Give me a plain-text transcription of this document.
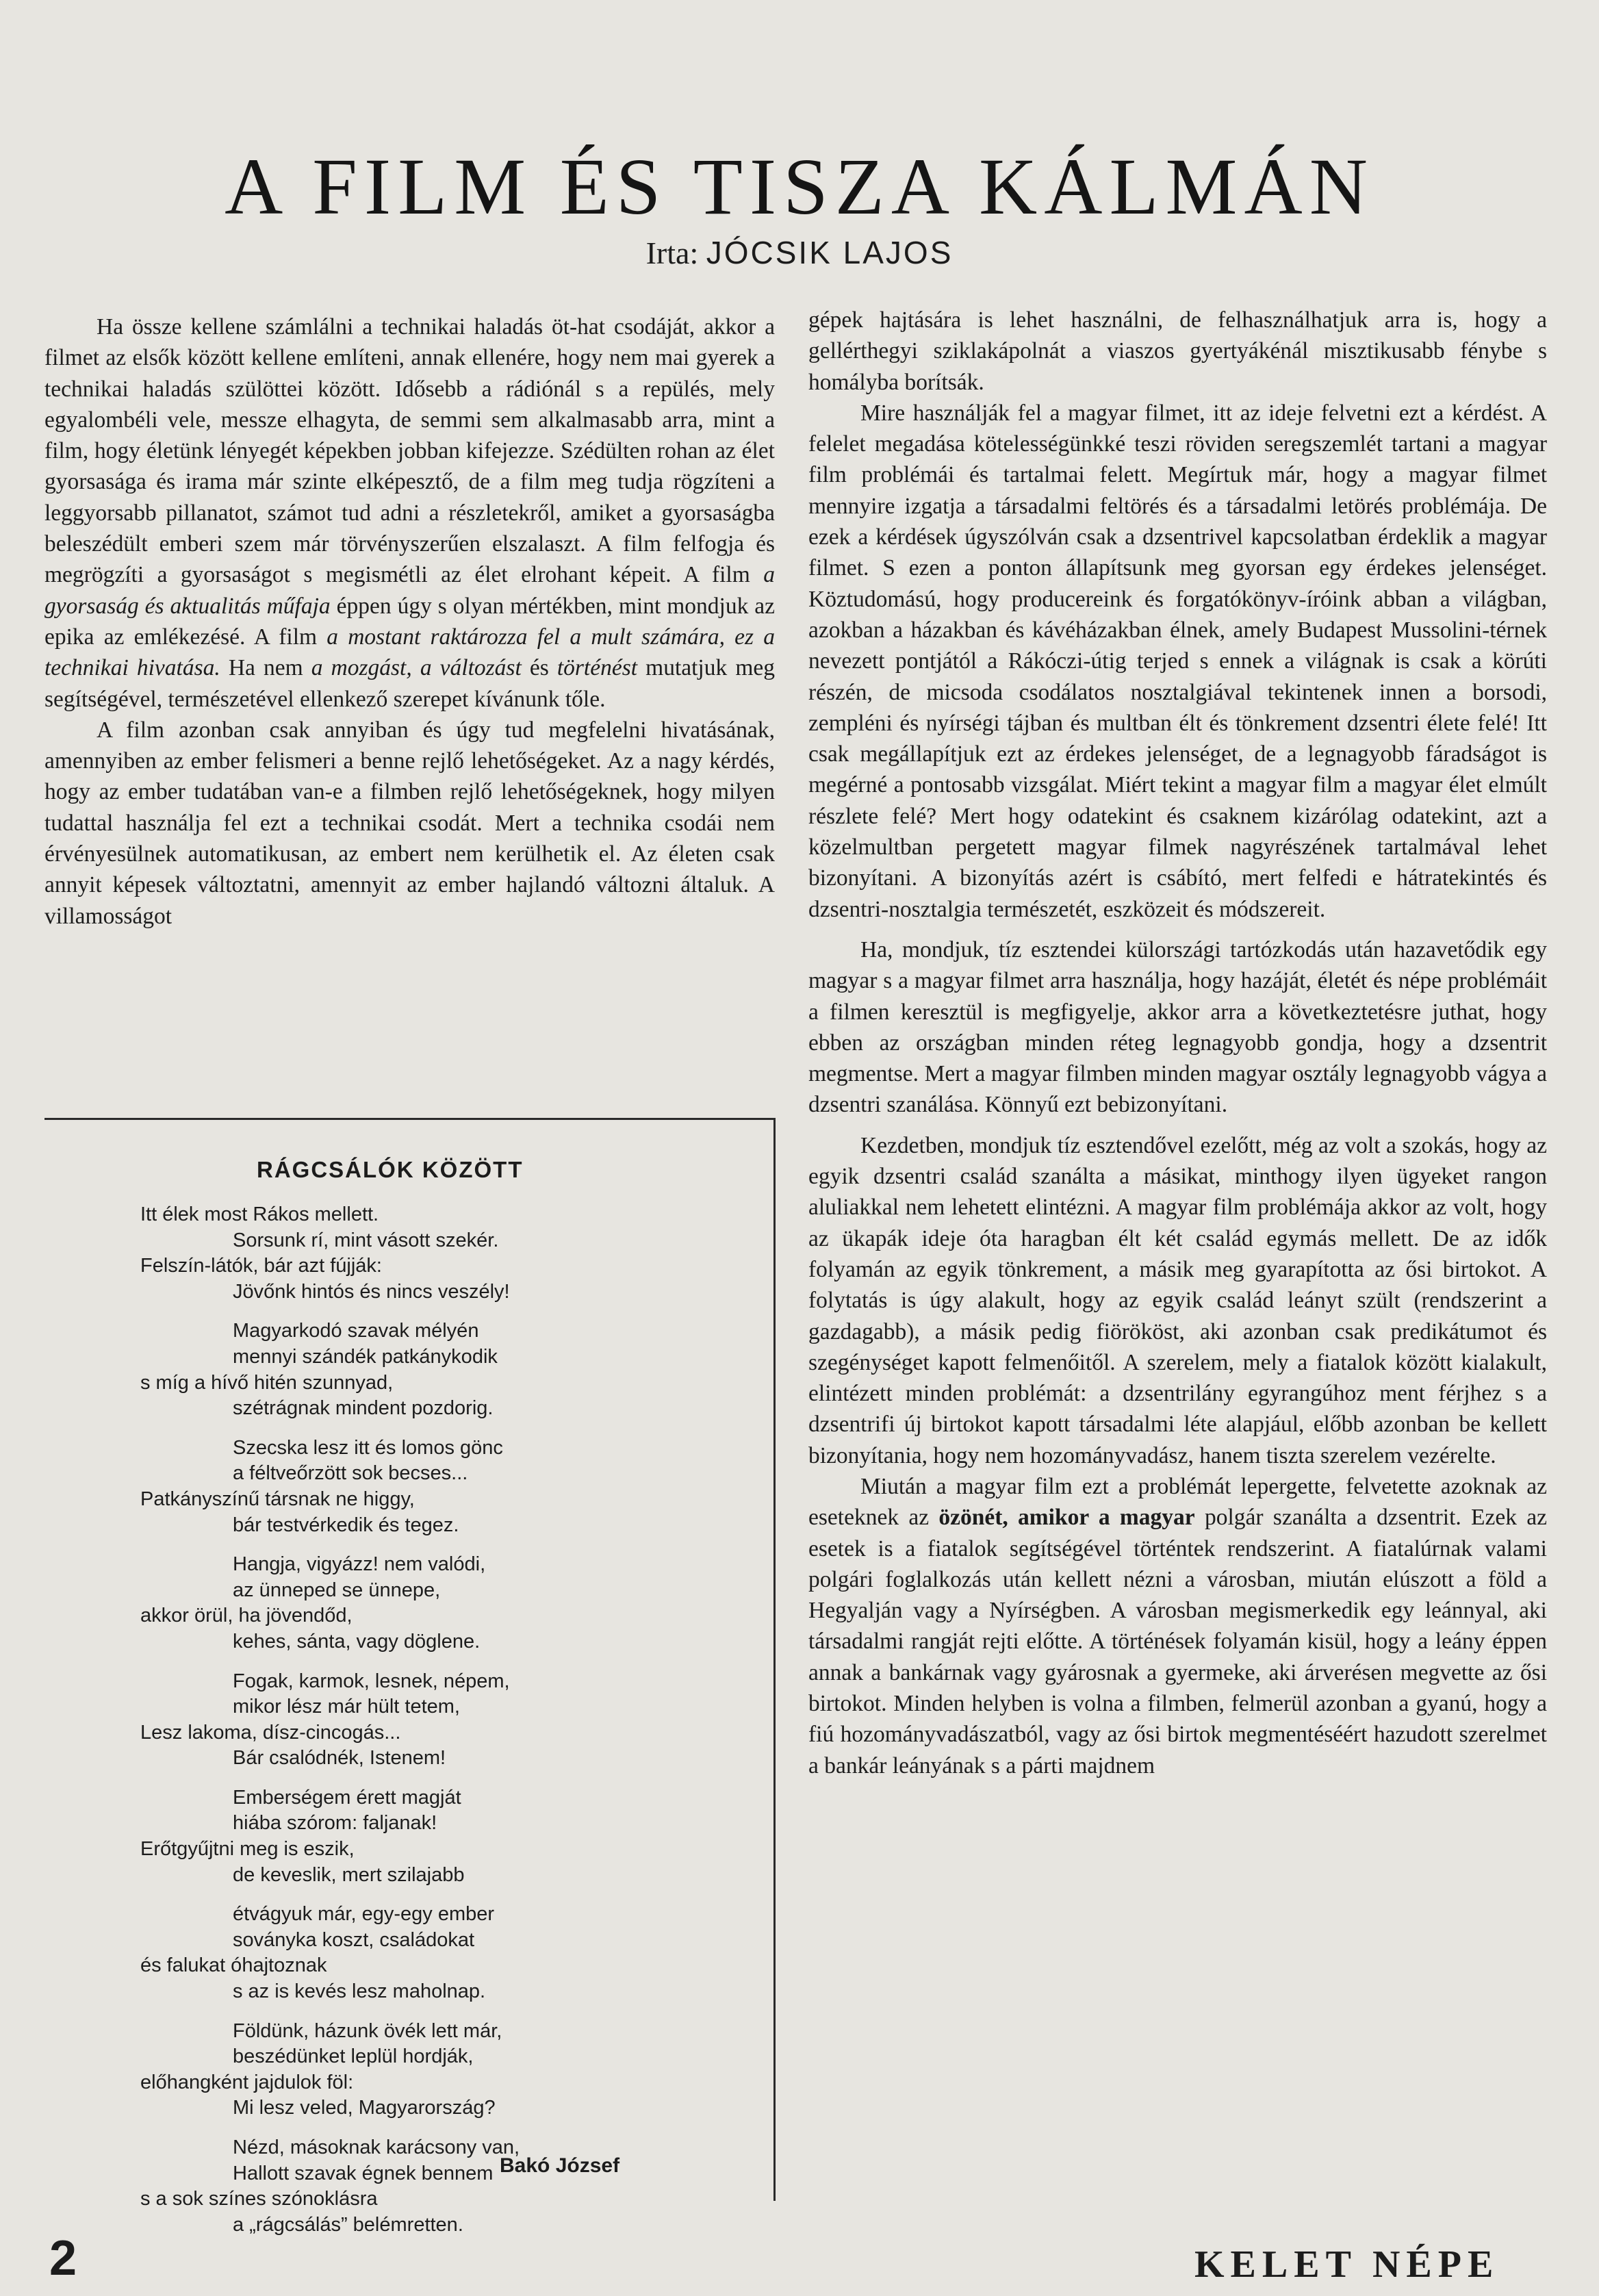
A FILM ÉS TISZA KÁLMÁN
Irta: JÓCSIK LAJOS

Ha össze kellene számlálni a technikai haladás öt-hat csodáját, akkor a filmet az elsők között kellene említeni, annak ellenére, hogy nem mai gyerek a technikai haladás szülöttei között. Idősebb a rádiónál s a repülés, mely egyalombéli vele, messze elhagyta, de semmi sem alkalmasabb arra, mint a film, hogy életünk lényegét képekben jobban kifejezze. Szédülten rohan az élet gyorsasága és irama már szinte elképesztő, de a film meg tudja rögzíteni a leggyorsabb pillanatot, számot tud adni a részletekről, amiket a gyorsaságba beleszédült emberi szem már törvényszerűen elszalaszt. A film felfogja és megrögzíti a gyorsaságot s megismétli az élet elrohant képeit. A film a gyorsaság és aktualitás műfaja éppen úgy s olyan mértékben, mint mondjuk az epika az emlékezésé. A film a mostant raktározza fel a mult számára, ez a technikai hivatása. Ha nem a mozgást, a változást és történést mutatjuk meg segítségével, természetével ellenkező szerepet kívánunk tőle.

A film azonban csak annyiban és úgy tud megfelelni hivatásának, amennyiben az ember felismeri a benne rejlő lehetőségeket. Az a nagy kérdés, hogy az ember tudatában van-e a filmben rejlő lehetőségeknek, hogy milyen tudattal használja fel ezt a technikai csodát. Mert a technika csodái nem érvényesülnek automatikusan, az embert nem kerülhetik el. Az életen csak annyit képesek változtatni, amennyit az ember hajlandó változni általuk. A villamosságot

RÁGCSÁLÓK KÖZÖTT
Itt élek most Rákos mellett.
Sorsunk rí, mint vásott szekér.
Felszín-látók, bár azt fújják:
Jövőnk hintós és nincs veszély!
Magyarkodó szavak mélyén
mennyi szándék patkánykodik
s míg a hívő hitén szunnyad,
szétrágnak mindent pozdorig.
Szecska lesz itt és lomos gönc
a féltveőrzött sok becses...
Patkányszínű társnak ne higgy,
bár testvérkedik és tegez.
Hangja, vigyázz! nem valódi,
az ünneped se ünnepe,
akkor örül, ha jövendőd,
kehes, sánta, vagy döglene.
Fogak, karmok, lesnek, népem,
mikor lész már hült tetem,
Lesz lakoma, dísz-cincogás...
Bár csalódnék, Istenem!
Emberségem érett magját
hiába szórom: faljanak!
Erőtgyűjtni meg is eszik,
de keveslik, mert szilajabb
étvágyuk már, egy-egy ember
soványka koszt, családokat
és falukat óhajtoznak
s az is kevés lesz maholnap.
Földünk, házunk övék lett már,
beszédünket leplül hordják,
előhangként jajdulok föl:
Mi lesz veled, Magyarország?
Nézd, másoknak karácsony van,
Hallott szavak égnek bennem
s a sok színes szónoklásra
a „rágcsálás” belémretten.
Bakó József

gépek hajtására is lehet használni, de felhasználhatjuk arra is, hogy a gellérthegyi sziklakápolnát a viaszos gyertyákénál misztikusabb fénybe s homályba borítsák.

Mire használják fel a magyar filmet, itt az ideje felvetni ezt a kérdést. A felelet megadása kötelességünkké teszi röviden seregszemlét tartani a magyar film problémái és tartalmai felett. Megírtuk már, hogy a magyar filmet mennyire izgatja a társadalmi feltörés és a társadalmi letörés problémája. De ezek a kérdések úgyszólván csak a dzsentrivel kapcsolatban érdeklik a magyar filmet. S ezen a ponton állapítsunk meg gyorsan egy érdekes jelenséget. Köztudomású, hogy producereink és forgatókönyv-íróink abban a világban, azokban a házakban és kávéházakban élnek, amely Budapest Mussolini-térnek nevezett pontjától a Rákóczi-útig terjed s ennek a világnak is csak a körúti részén, de micsoda csodálatos nosztalgiával tekintenek innen a borsodi, zempléni és nyírségi tájban és multban élt és tönkrement dzsentri élete felé! Itt csak megállapítjuk ezt az érdekes jelenséget, de a legnagyobb fáradságot is megérné a pontosabb vizsgálat. Miért tekint a magyar film a magyar élet elmúlt részlete felé? Mert hogy odatekint és csaknem kizárólag odatekint, azt a közelmultban pergetett magyar filmek nagyrészének tartalmával lehet bizonyítani. A bizonyítás azért is csábító, mert felfedi e hátratekintés és dzsentri-nosztalgia természetét, eszközeit és módszereit.

Ha, mondjuk, tíz esztendei külországi tartózkodás után hazavetődik egy magyar s a magyar filmet arra használja, hogy hazáját, életét és népe problémáit a filmen keresztül is megfigyelje, akkor arra a következtetésre juthat, hogy ebben az országban minden réteg legnagyobb gondja, hogy a dzsentrit megmentse. Mert a magyar filmben minden magyar osztály legnagyobb vágya a dzsentri szanálása. Könnyű ezt bebizonyítani.

Kezdetben, mondjuk tíz esztendővel ezelőtt, még az volt a szokás, hogy az egyik dzsentri család szanálta a másikat, minthogy ilyen ügyeket rangon aluliakkal nem lehetett elintézni. A magyar film problémája akkor az volt, hogy az ükapák ideje óta haragban élt két család egymás mellett. De az idők folyamán az egyik tönkrement, a másik meg gyarapította az ősi birtokot. A folytatás is úgy alakult, hogy az egyik család leányt szült (rendszerint a gazdagabb), a másik pedig fiörököst, aki azonban csak predikátumot és szegénységet kapott felmenőitől. A szerelem, mely a fiatalok között kialakult, elintézett minden problémát: a dzsentrilány egyrangúhoz ment férjhez s a dzsentrifi új birtokot kapott társadalmi léte alapjául, előbb azonban be kellett bizonyítania, hogy nem hozományvadász, hanem tiszta szerelem vezérelte.

Miután a magyar film ezt a problémát lepergette, felvetette azoknak az eseteknek az özönét, amikor a magyar polgár szanálta a dzsentrit. Ezek az esetek is a fiatalok segítségével történtek rendszerint. A fiatalúrnak valami polgári foglalkozás után kellett nézni a városban, miután elúszott a föld a Hegyalján vagy a Nyírségben. A városban megismerkedik egy leánnyal, aki társadalmi rangját rejti előtte. A történések folyamán kisül, hogy a leány éppen annak a bankárnak vagy gyárosnak a gyermeke, aki árverésen megvette az ősi birtokot. Minden helyben is volna a filmben, felmerül azonban a gyanú, hogy a fiú hozományvadászatból, vagy az ősi birtok megmentéséért hazudott szerelmet a bankár leányának s a párti majdnem

2	KELET NÉPE
